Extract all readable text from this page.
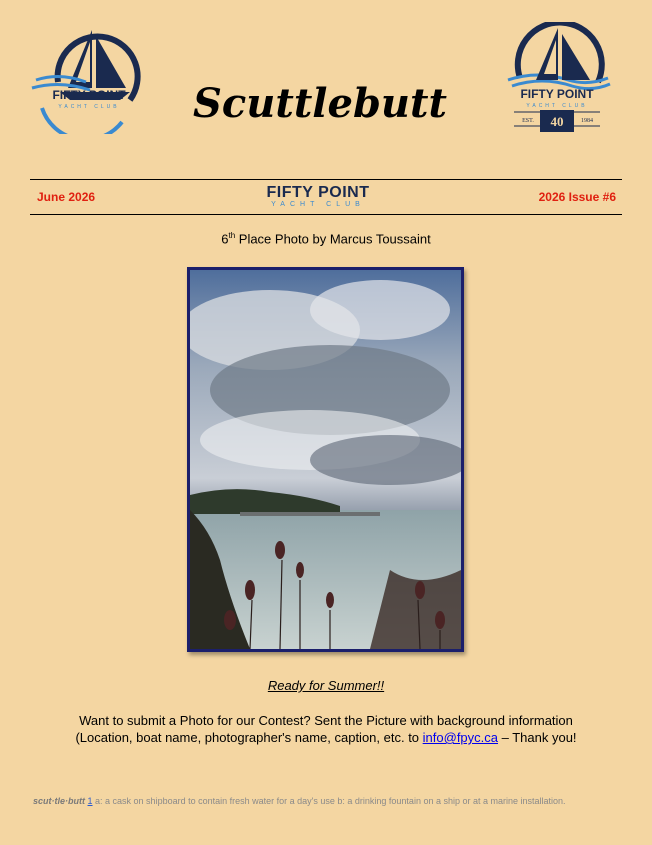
FIFTY POINT
YACHT CLUB	Scuttlebutt	FIFTY POINT
YACHT CLUB
EST. 40	1984
June 2026	FIFTY POINT
YACHT CLUB
2026 Issue #6
6th Place Photo by Marcus Toussaint
Ready for Summer!!
Want to submit a Photo for our Contest? Sent the Picture with background information (Location, boat name, photographer's name, caption, etc. to info@fpyc.ca – Thank you!
scut·tle·butt 1 a: a cask on shipboard to contain fresh water for a day's use b: a drinking fountain on a ship or at a marine installation.
